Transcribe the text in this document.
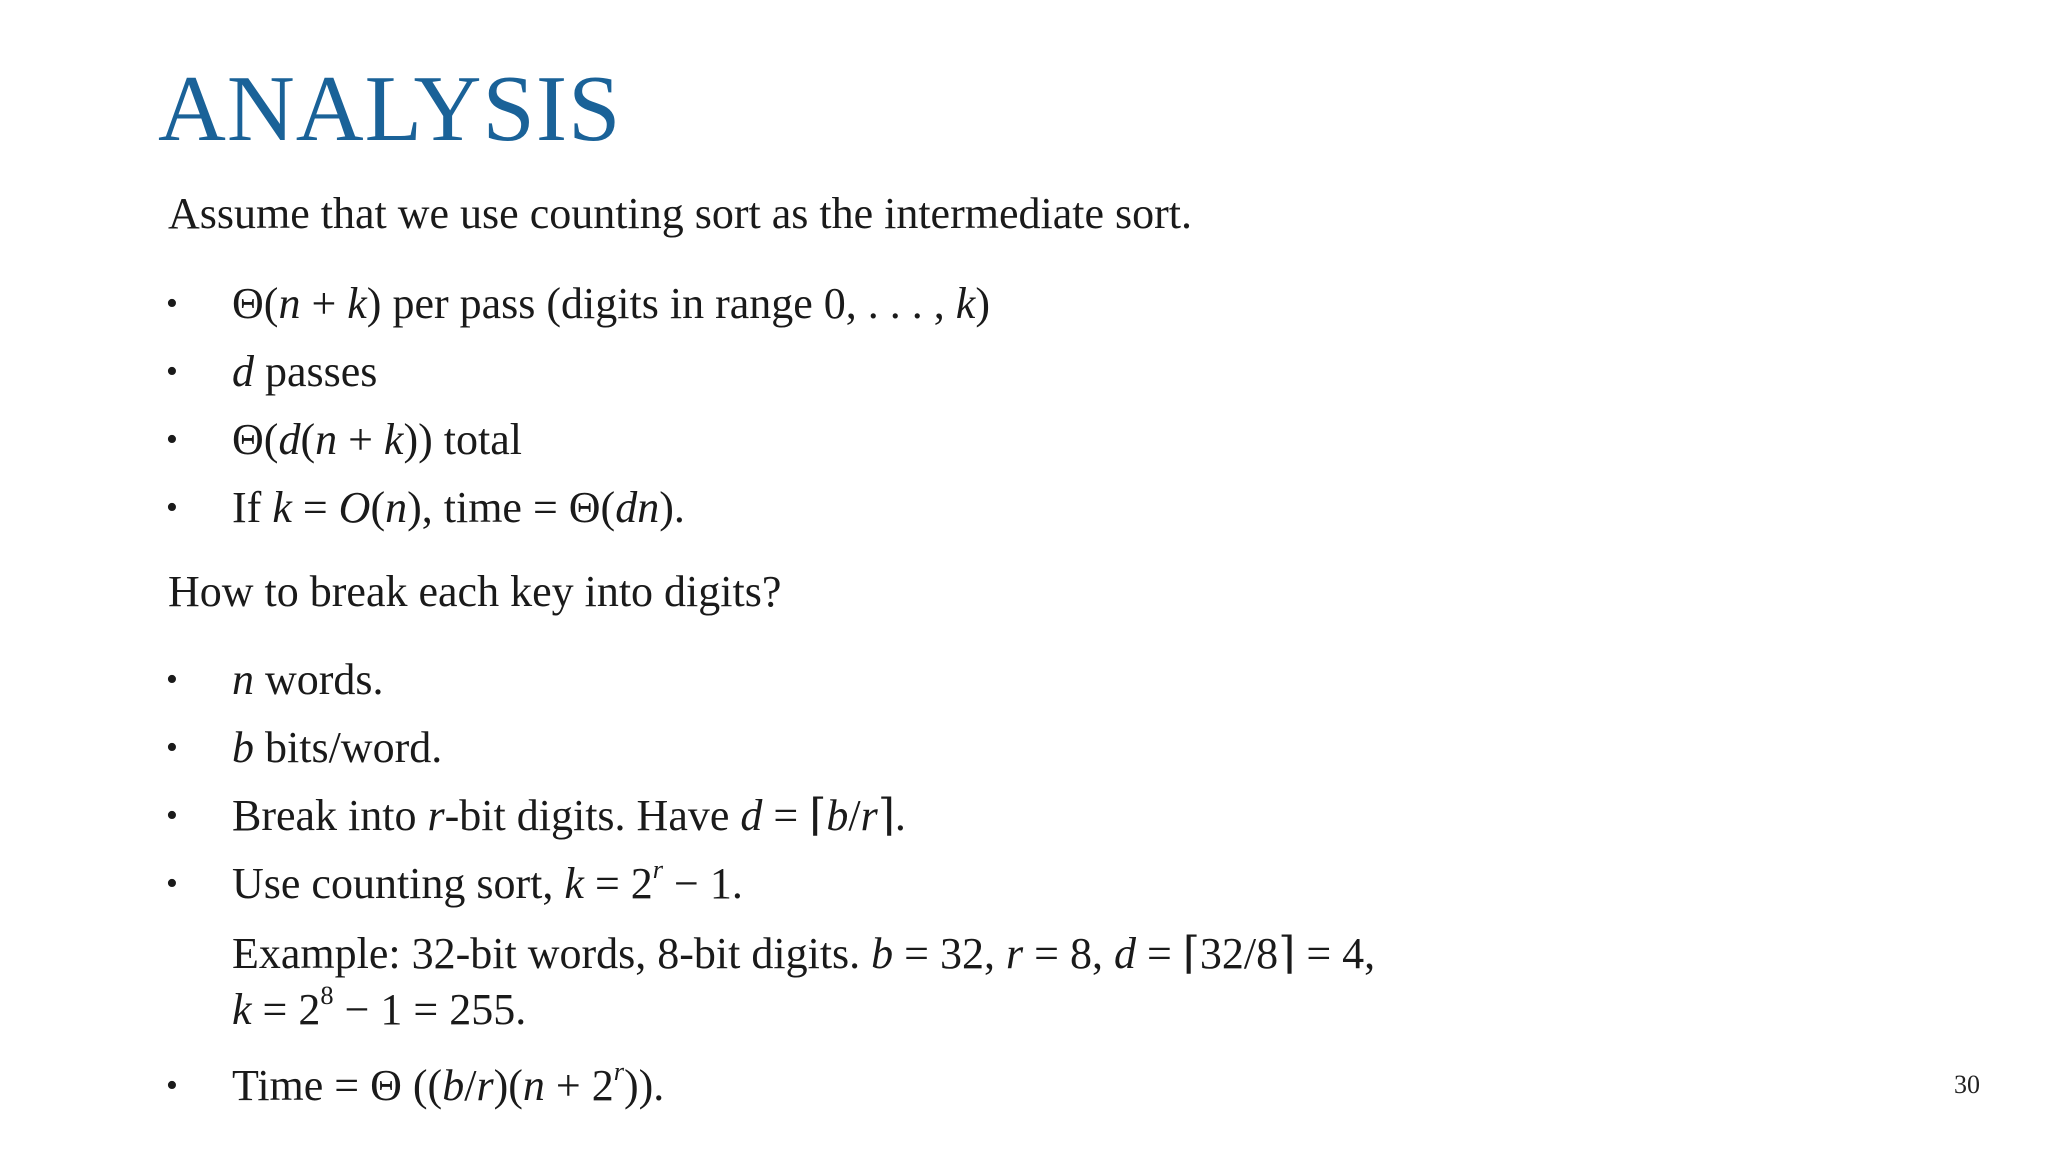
ANALYSIS
Assume that we use counting sort as the intermediate sort.
• Θ(n + k) per pass (digits in range 0, . . . , k)
• d passes
• Θ(d(n + k)) total
• If k = O(n), time = Θ(dn).
How to break each key into digits?
• n words.
• b bits/word.
• Break into r-bit digits. Have d = ⌈b/r⌉.
• Use counting sort, $k = 2^r - 1$.
Example: 32-bit words, 8-bit digits. b = 32, r = 8, d = ⌈32/8⌉ = 4,
$k = 2^8 - 1 = 255$.
• Time = Θ $((b/r)(n + 2^r))$.	30
